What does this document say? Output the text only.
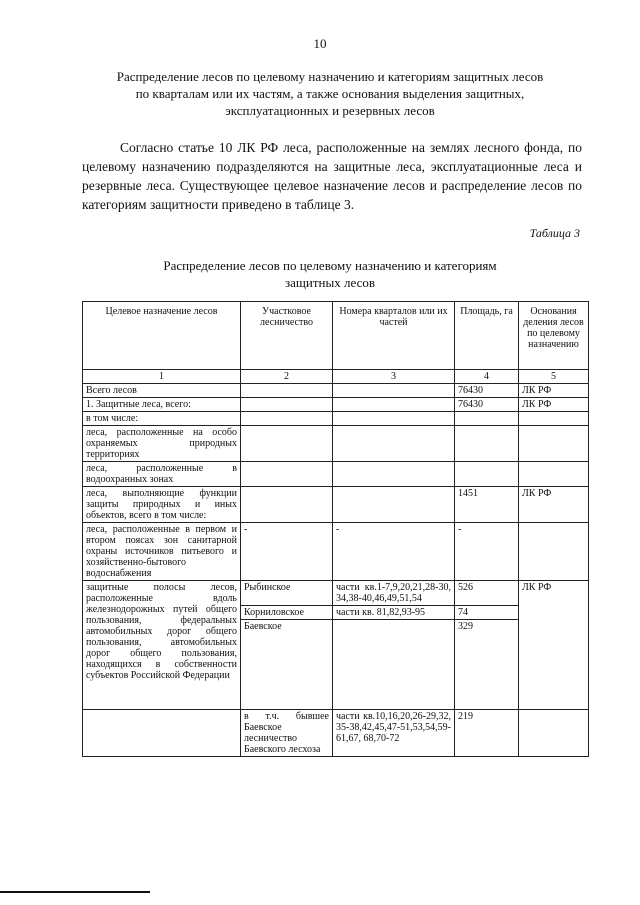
10
Распределение лесов по целевому назначению и категориям защитных лесов
по кварталам или их частям, а также основания выделения защитных,
эксплуатационных и резервных лесов
Согласно статье 10 ЛК РФ леса, расположенные на землях лесного фонда, по целевому назначению подразделяются на защитные леса, эксплуатационные леса и резервные леса. Существующее целевое назначение лесов и распределение лесов по категориям защитности приведено в таблице 3.
Таблица 3
Распределение лесов по целевому назначению и категориям
защитных лесов
Целевое назначение лесов	Участковое лесничество	Номера кварталов или их частей	Площадь, га	Основания деления лесов по целевому назначению
1	2	3	4	5
Всего лесов			76430	ЛК РФ
1. Защитные леса, всего:			76430	ЛК РФ
в том числе:				
леса, расположенные на особо охраняемых природных территориях				
леса, расположенные в водоохранных зонах				
леса, выполняющие функции защиты природных и иных объектов, всего в том числе:			1451	ЛК РФ
леса, расположенные в первом и втором поясах зон санитарной охраны источников питьевого и хозяйственно-бытового водоснабжения	-	-	-	
защитные полосы лесов, расположенные вдоль железнодорожных путей общего пользования, федеральных автомобильных дорог общего пользования, автомобильных дорог общего пользования, находящихся в собственности субъектов Российской Федерации	Рыбинское	части кв.1-7,9,20,21,28-30, 34,38-40,46,49,51,54	526	ЛК РФ
	Корниловское	части кв. 81,82,93-95	74	
	Баевское		329	
	в т.ч. бывшее Баевское лесничество Баевского лесхоза	части кв.10,16,20,26-29,32, 35-38,42,45,47-51,53,54,59-61,67, 68,70-72	219	
